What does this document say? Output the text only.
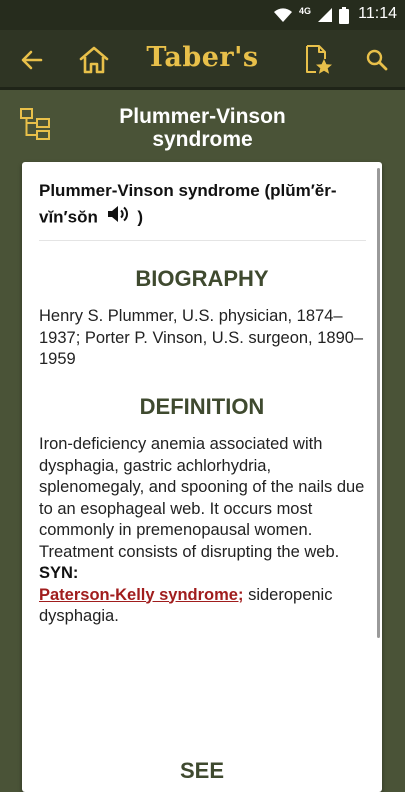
4G	11:14
Taber's
Plummer-Vinson syndrome
Plummer-Vinson syndrome (plŭm′ĕr-vĭn′sŏn )
BIOGRAPHY
Henry S. Plummer, U.S. physician, 1874–1937; Porter P. Vinson, U.S. surgeon, 1890–1959
DEFINITION
Iron-deficiency anemia associated with dysphagia, gastric achlorhydria, splenomegaly, and spooning of the nails due to an esophageal web. It occurs most commonly in premenopausal women. Treatment consists of disrupting the web. SYN:
Paterson-Kelly syndrome; sideropenic dysphagia.
SEE
